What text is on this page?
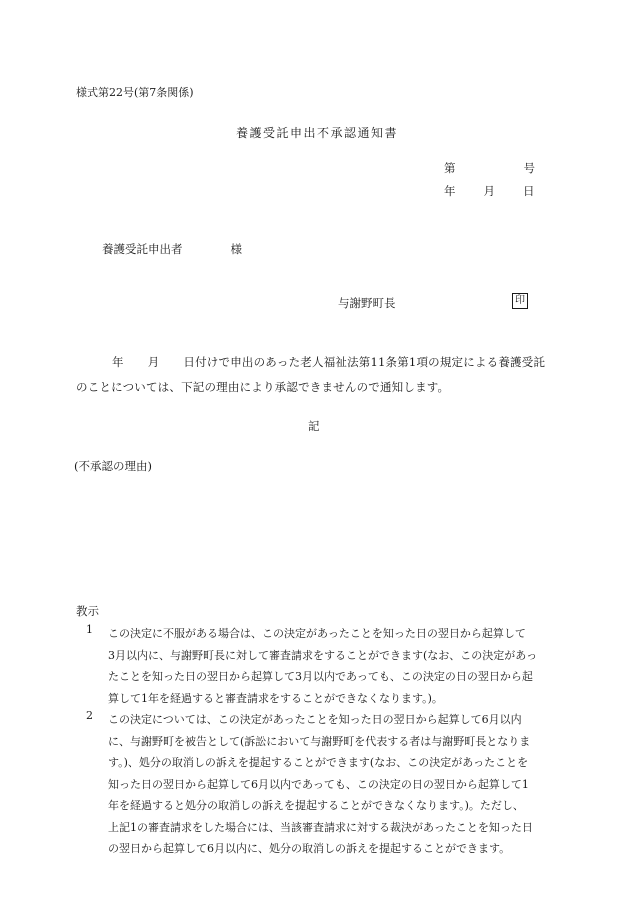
様式第22号(第7条関係)
養護受託申出不承認通知書
第	号
年 月 日
養護受託申出者	様
与謝野町長	印
年 月 日付けで申出のあった老人福祉法第11条第1項の規定による養護受託
のことについては、下記の理由により承認できませんので通知します。
記
(不承認の理由)
教示
1	この決定に不服がある場合は、この決定があったことを知った日の翌日から起算して
3月以内に、与謝野町長に対して審査請求をすることができます(なお、この決定があっ
たことを知った日の翌日から起算して3月以内であっても、この決定の日の翌日から起
算して1年を経過すると審査請求をすることができなくなります。)。
2	この決定については、この決定があったことを知った日の翌日から起算して6月以内
に、与謝野町を被告として(訴訟において与謝野町を代表する者は与謝野町長となりま
す。)、処分の取消しの訴えを提起することができます(なお、この決定があったことを
知った日の翌日から起算して6月以内であっても、この決定の日の翌日から起算して1
年を経過すると処分の取消しの訴えを提起することができなくなります。)。ただし、
上記1の審査請求をした場合には、当該審査請求に対する裁決があったことを知った日
の翌日から起算して6月以内に、処分の取消しの訴えを提起することができます。
